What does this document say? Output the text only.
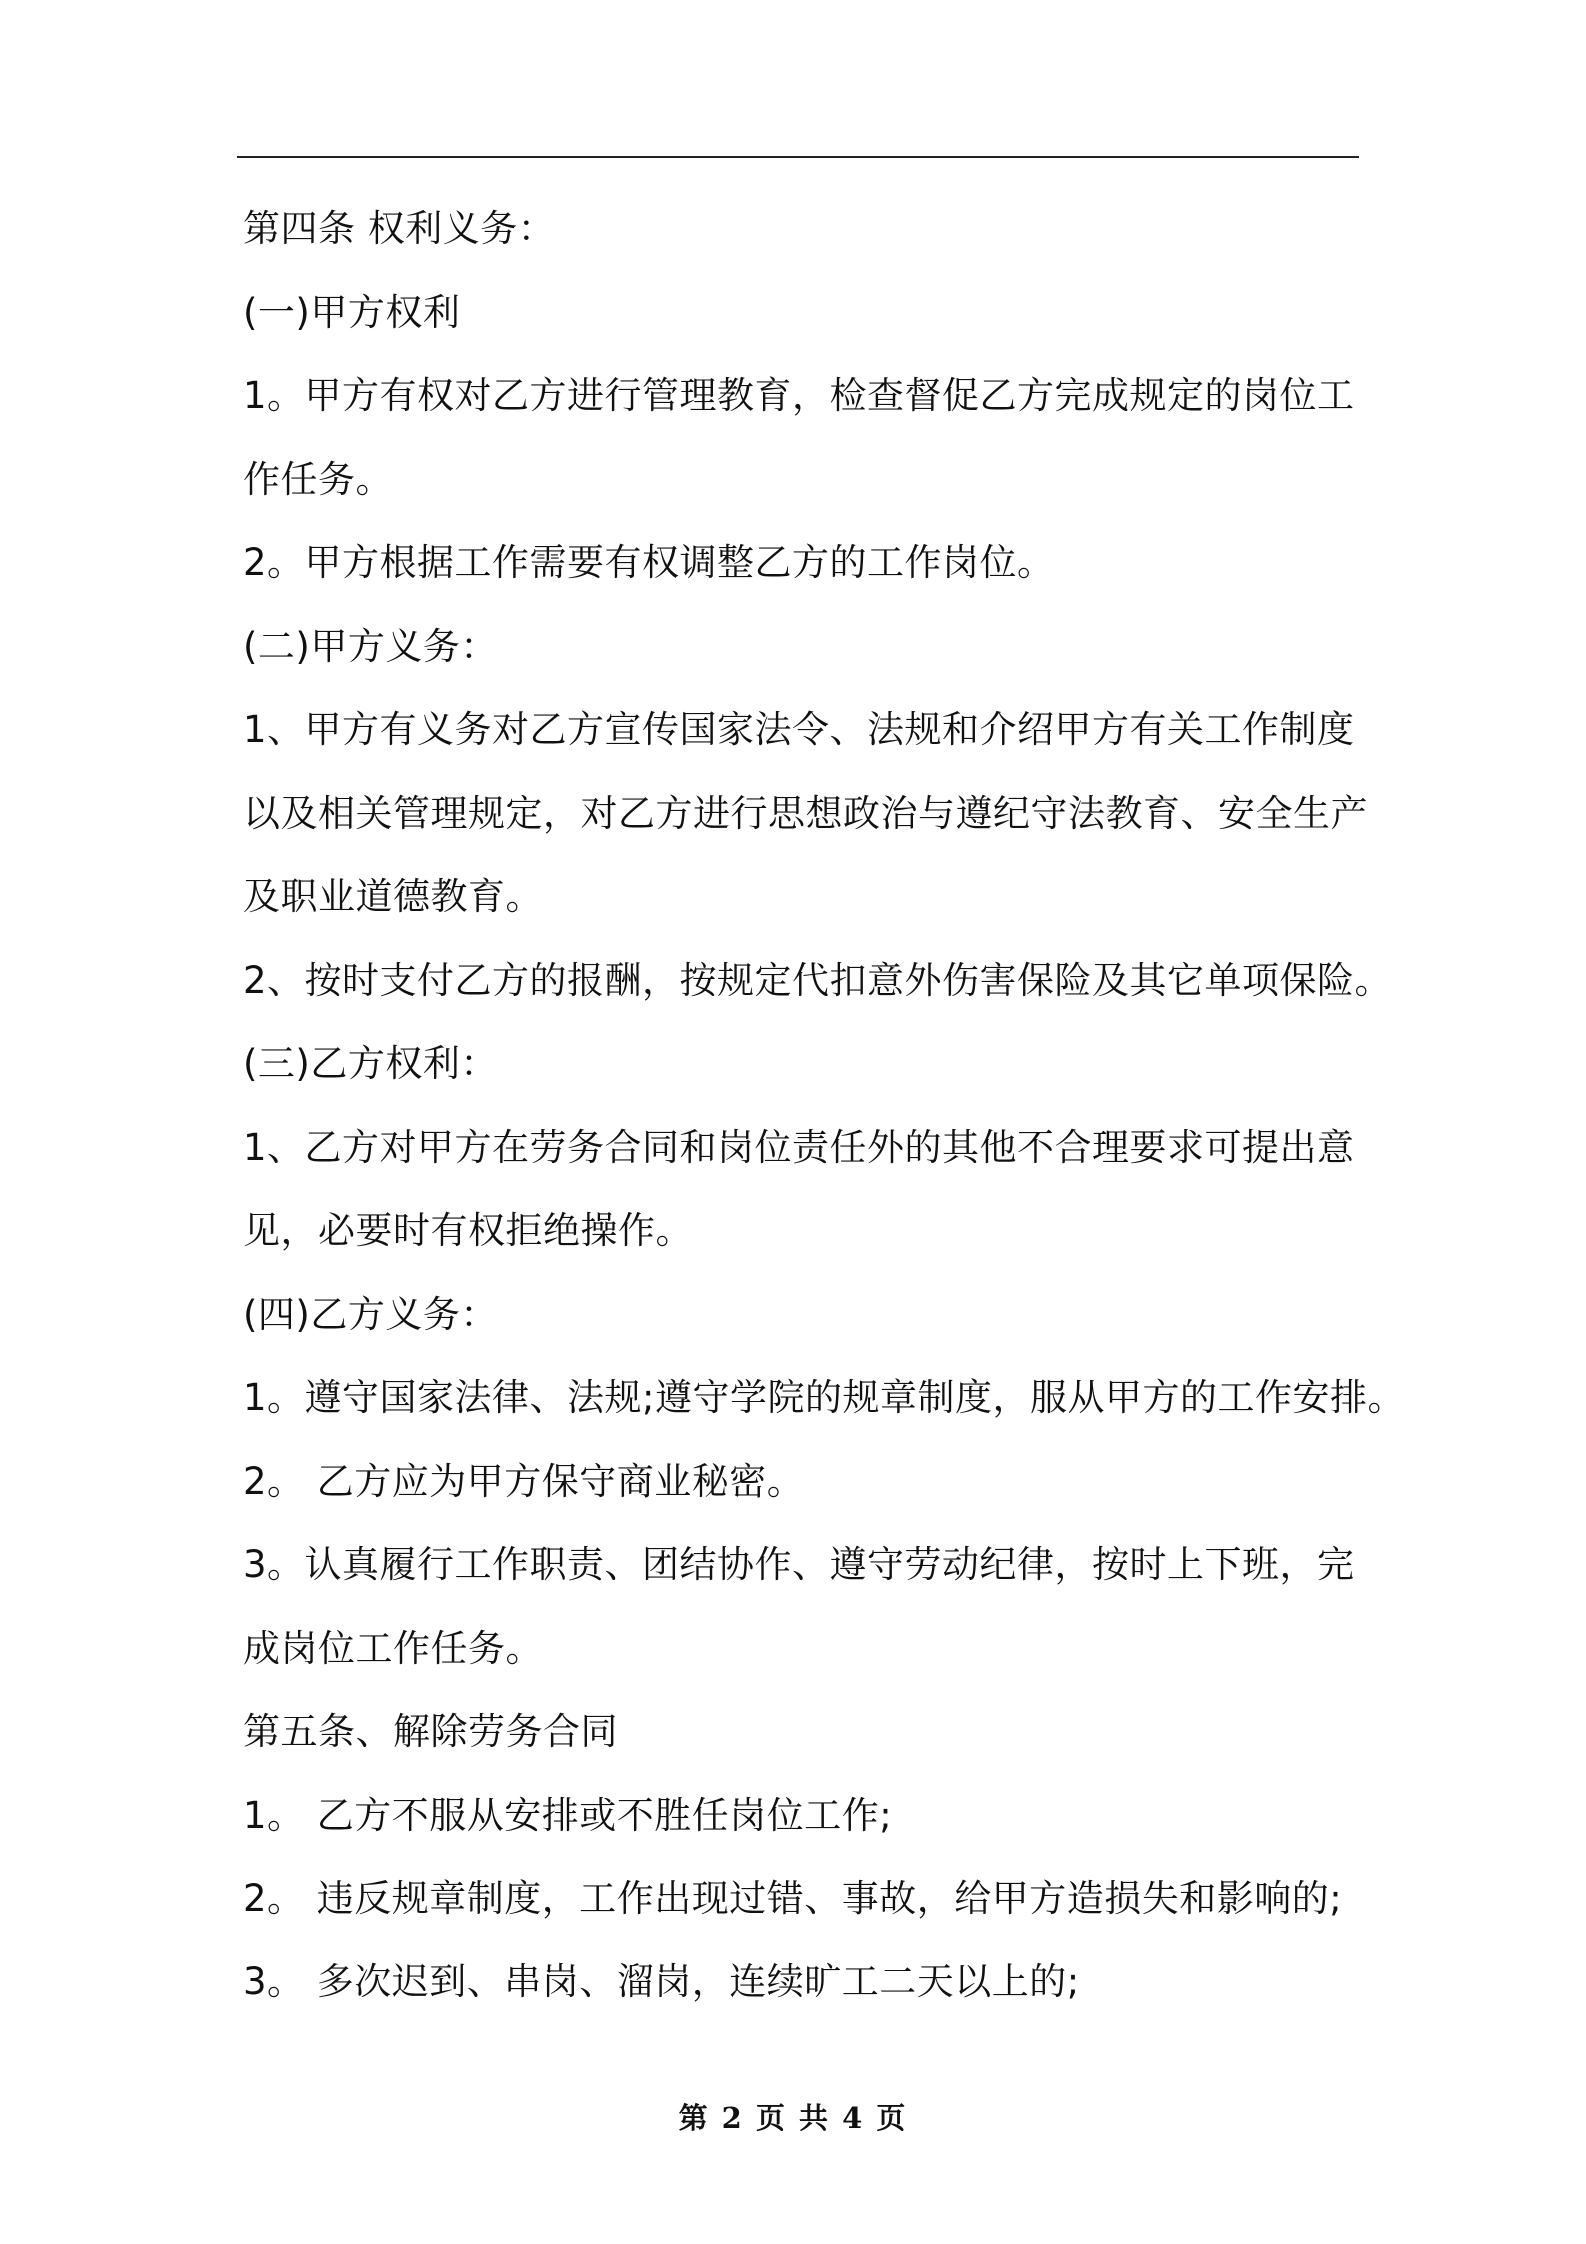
第四条 权利义务：
(一)甲方权利
1。甲方有权对乙方进行管理教育，检查督促乙方完成规定的岗位工
作任务。
2。甲方根据工作需要有权调整乙方的工作岗位。
(二)甲方义务：
1、甲方有义务对乙方宣传国家法令、法规和介绍甲方有关工作制度
以及相关管理规定，对乙方进行思想政治与遵纪守法教育、安全生产
及职业道德教育。
2、按时支付乙方的报酬，按规定代扣意外伤害保险及其它单项保险。
(三)乙方权利：
1、乙方对甲方在劳务合同和岗位责任外的其他不合理要求可提出意
见，必要时有权拒绝操作。
(四)乙方义务：
1。遵守国家法律、法规;遵守学院的规章制度，服从甲方的工作安排。
2。 乙方应为甲方保守商业秘密。
3。认真履行工作职责、团结协作、遵守劳动纪律，按时上下班，完
成岗位工作任务。
第五条、解除劳务合同
1。 乙方不服从安排或不胜任岗位工作;
2。 违反规章制度，工作出现过错、事故，给甲方造损失和影响的;
3。 多次迟到、串岗、溜岗，连续旷工二天以上的;
第 2 页 共 4 页
